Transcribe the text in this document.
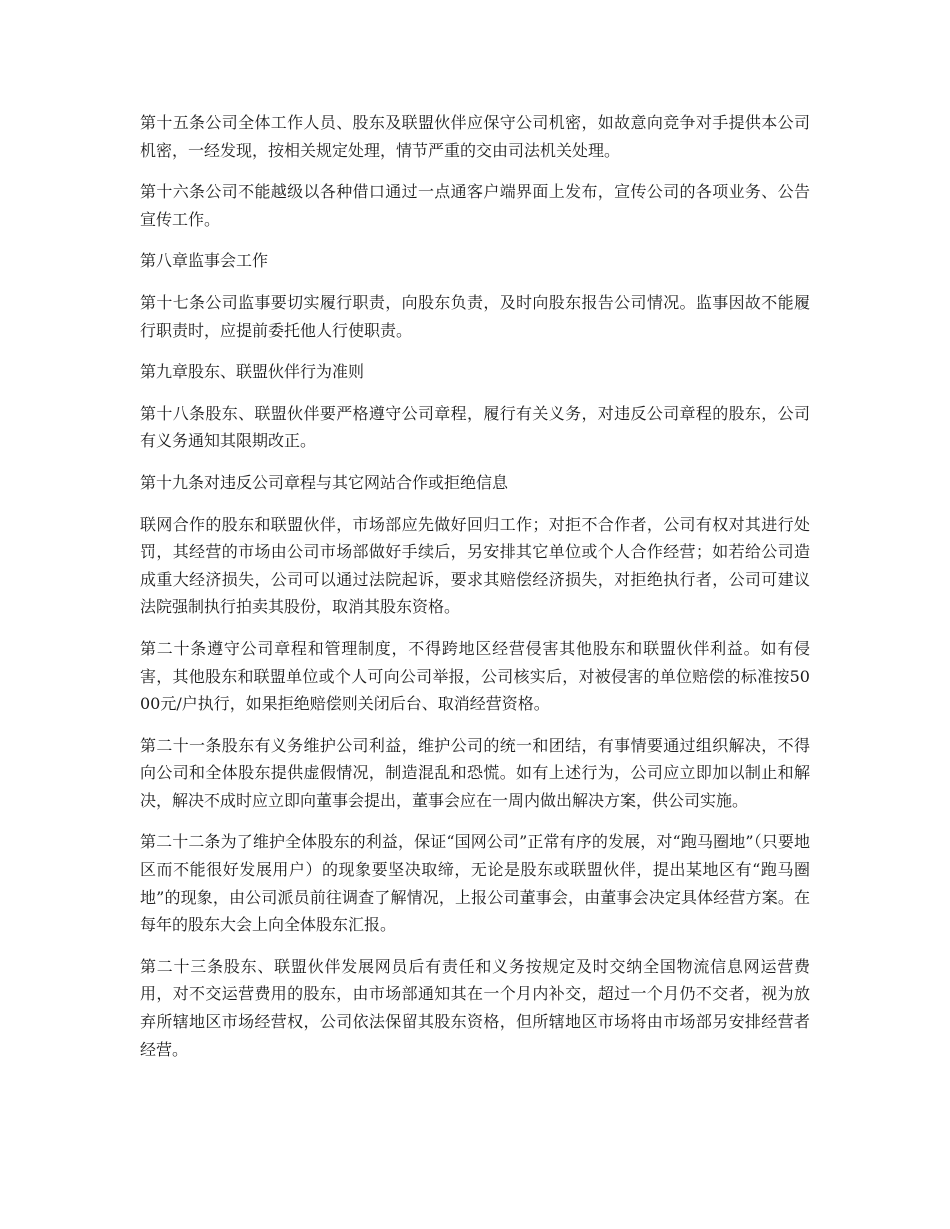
第十五条公司全体工作人员、股东及联盟伙伴应保守公司机密，如故意向竞争对手提供本公司机密，一经发现，按相关规定处理，情节严重的交由司法机关处理。

第十六条公司不能越级以各种借口通过一点通客户端界面上发布，宣传公司的各项业务、公告宣传工作。

第八章监事会工作

第十七条公司监事要切实履行职责，向股东负责，及时向股东报告公司情况。监事因故不能履行职责时，应提前委托他人行使职责。

第九章股东、联盟伙伴行为准则

第十八条股东、联盟伙伴要严格遵守公司章程，履行有关义务，对违反公司章程的股东，公司有义务通知其限期改正。

第十九条对违反公司章程与其它网站合作或拒绝信息

联网合作的股东和联盟伙伴，市场部应先做好回归工作；对拒不合作者，公司有权对其进行处罚，其经营的市场由公司市场部做好手续后，另安排其它单位或个人合作经营；如若给公司造成重大经济损失，公司可以通过法院起诉，要求其赔偿经济损失，对拒绝执行者，公司可建议法院强制执行拍卖其股份，取消其股东资格。

第二十条遵守公司章程和管理制度，不得跨地区经营侵害其他股东和联盟伙伴利益。如有侵害，其他股东和联盟单位或个人可向公司举报，公司核实后，对被侵害的单位赔偿的标准按5000元/户执行，如果拒绝赔偿则关闭后台、取消经营资格。

第二十一条股东有义务维护公司利益，维护公司的统一和团结，有事情要通过组织解决，不得向公司和全体股东提供虚假情况，制造混乱和恐慌。如有上述行为，公司应立即加以制止和解决，解决不成时应立即向董事会提出，董事会应在一周内做出解决方案，供公司实施。

第二十二条为了维护全体股东的利益，保证“国网公司”正常有序的发展，对“跑马圈地”（只要地区而不能很好发展用户）的现象要坚决取缔，无论是股东或联盟伙伴，提出某地区有“跑马圈地”的现象，由公司派员前往调查了解情况，上报公司董事会，由董事会决定具体经营方案。在每年的股东大会上向全体股东汇报。

第二十三条股东、联盟伙伴发展网员后有责任和义务按规定及时交纳全国物流信息网运营费用，对不交运营费用的股东，由市场部通知其在一个月内补交，超过一个月仍不交者，视为放弃所辖地区市场经营权，公司依法保留其股东资格，但所辖地区市场将由市场部另安排经营者经营。
